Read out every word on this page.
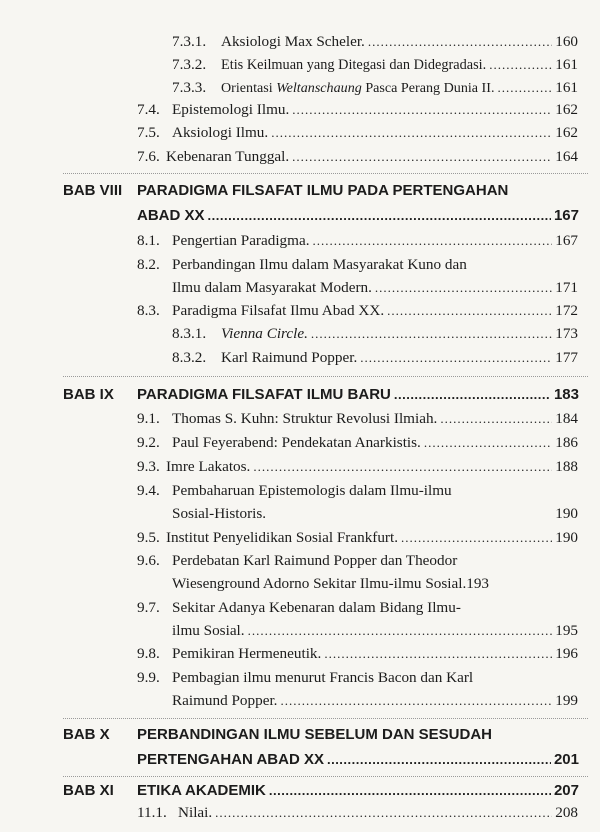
7.3.1. Aksiologi Max Scheler. .....	160
7.3.2. Etis Keilmuan yang Ditegasi dan Didegradasi. .....	161
7.3.3. Orientasi Weltanschaung Pasca Perang Dunia II. .....	161
7.4. Epistemologi Ilmu. .....	162
7.5. Aksiologi Ilmu. .....	162
7.6. Kebenaran Tunggal. .....	164
BAB VIII PARADIGMA FILSAFAT ILMU PADA PERTENGAHAN
ABAD XX .....	167
8.1. Pengertian Paradigma. .....	167
8.2. Perbandingan Ilmu dalam Masyarakat Kuno dan
Ilmu dalam Masyarakat Modern. .....	171
8.3. Paradigma Filsafat Ilmu Abad XX. .....	172
8.3.1. Vienna Circle. .....	173
8.3.2. Karl Raimund Popper. .....	177
BAB IX PARADIGMA FILSAFAT ILMU BARU .....	183
9.1. Thomas S. Kuhn: Struktur Revolusi Ilmiah. .....	184
9.2. Paul Feyerabend: Pendekatan Anarkistis. .....	186
9.3. Imre Lakatos. .....	188
9.4. Pembaharuan Epistemologis dalam Ilmu-ilmu
Sosial-Historis.	190
9.5. Institut Penyelidikan Sosial Frankfurt. .....	190
9.6. Perdebatan Karl Raimund Popper dan Theodor
Wiesenground Adorno Sekitar Ilmu-ilmu Sosial.193
9.7. Sekitar Adanya Kebenaran dalam Bidang Ilmu-
ilmu Sosial. .....	195
9.8. Pemikiran Hermeneutik. .....	196
9.9. Pembagian ilmu menurut Francis Bacon dan Karl
Raimund Popper. .....	199
BAB X PERBANDINGAN ILMU SEBELUM DAN SESUDAH
PERTENGAHAN ABAD XX .....	201
BAB XI ETIKA AKADEMIK .....	207
11.1. Nilai. .....	208
